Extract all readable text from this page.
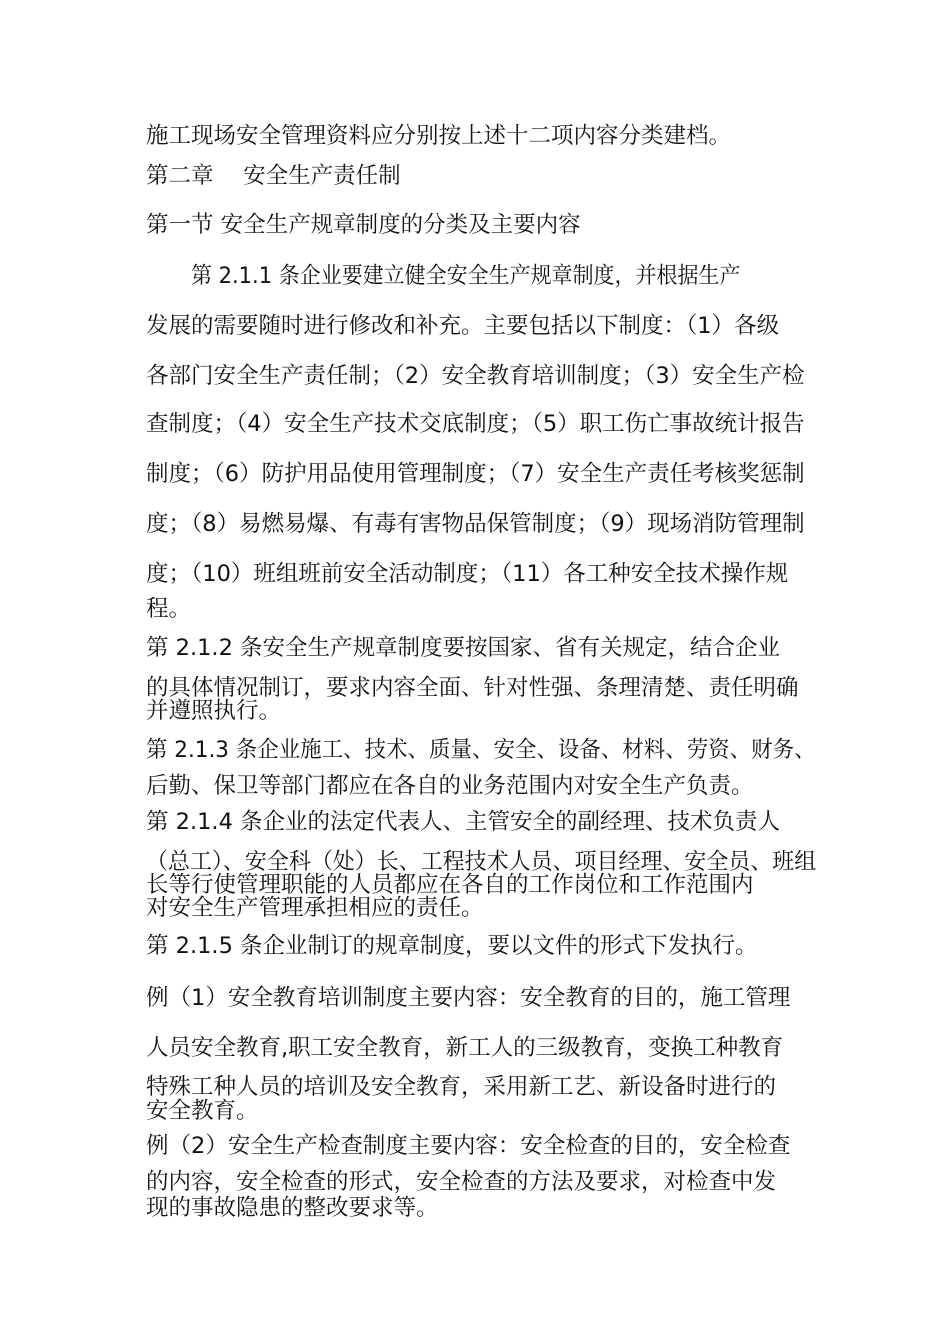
施工现场安全管理资料应分别按上述十二项内容分类建档。

第二章　 安全生产责任制

第一节 安全生产规章制度的分类及主要内容

第 2.1.1 条企业要建立健全安全生产规章制度，并根据生产

发展的需要随时进行修改和补充。主要包括以下制度：（1）各级

各部门安全生产责任制；（2）安全教育培训制度；（3）安全生产检

查制度；（4）安全生产技术交底制度；（5）职工伤亡事故统计报告

制度；（6）防护用品使用管理制度；（7）安全生产责任考核奖惩制

度；（8）易燃易爆、有毒有害物品保管制度；（9）现场消防管理制

度；（10）班组班前安全活动制度；（11）各工种安全技术操作规

程。

第 2.1.2 条安全生产规章制度要按国家、省有关规定，结合企业

的具体情况制订，要求内容全面、针对性强、条理清楚、责任明确

并遵照执行。

第 2.1.3 条企业施工、技术、质量、安全、设备、材料、劳资、财务、

后勤、保卫等部门都应在各自的业务范围内对安全生产负责。

第 2.1.4 条企业的法定代表人、主管安全的副经理、技术负责人

（总工）、安全科（处）长、工程技术人员、项目经理、安全员、班组

长等行使管理职能的人员都应在各自的工作岗位和工作范围内

对安全生产管理承担相应的责任。

第 2.1.5 条企业制订的规章制度，要以文件的形式下发执行。

例（1）安全教育培训制度主要内容：安全教育的目的，施工管理

人员安全教育,职工安全教育，新工人的三级教育，变换工种教育

特殊工种人员的培训及安全教育，采用新工艺、新设备时进行的

安全教育。

例（2）安全生产检查制度主要内容：安全检查的目的，安全检查

的内容，安全检查的形式，安全检查的方法及要求，对检查中发

现的事故隐患的整改要求等。
